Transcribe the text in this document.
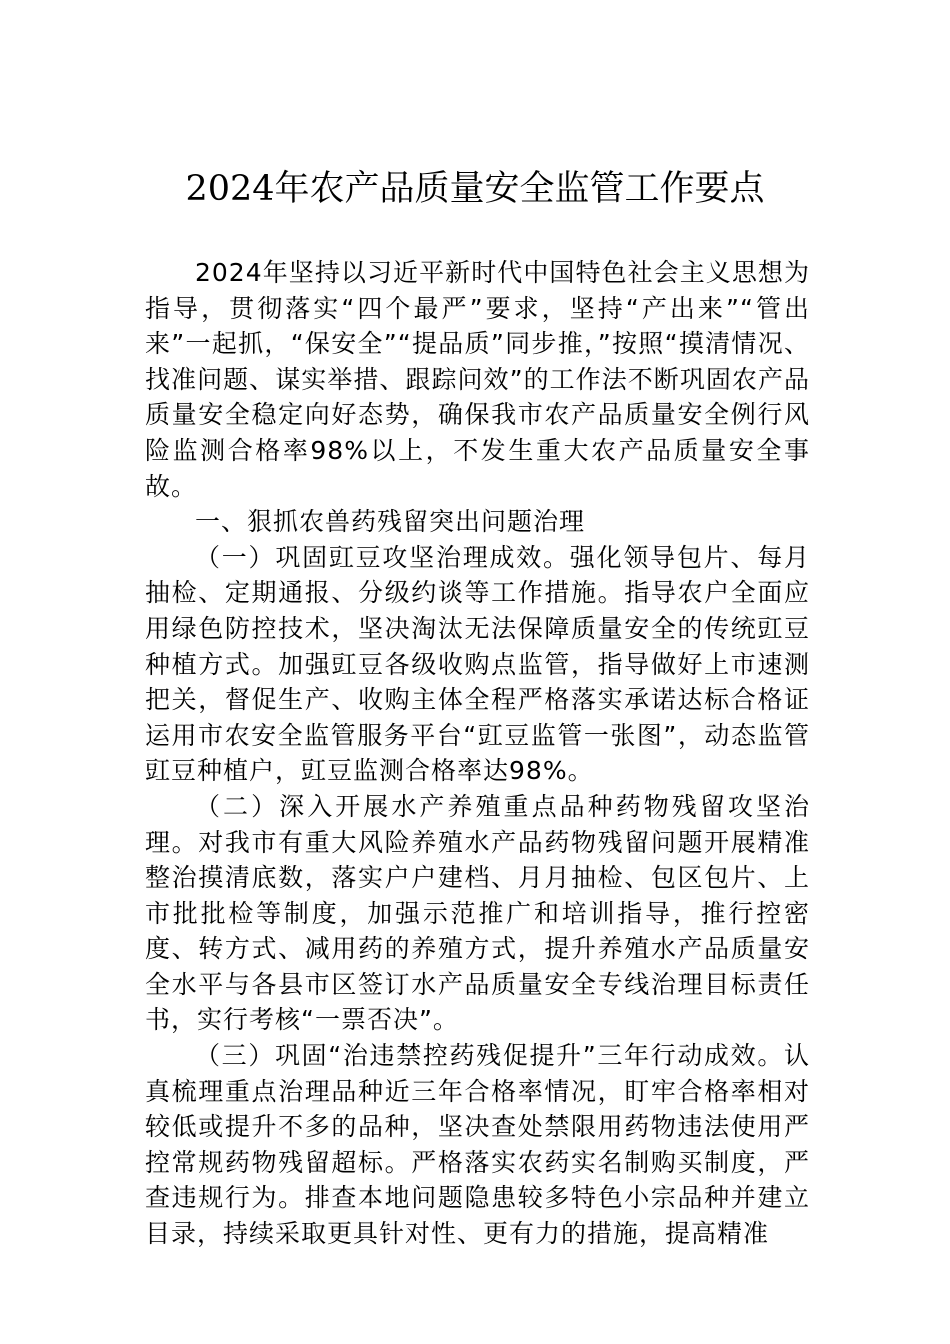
2024年农产品质量安全监管工作要点

2024年坚持以习近平新时代中国特色社会主义思想为指导，贯彻落实“四个最严”要求，坚持“产出来”“管出来”一起抓，“保安全”“提品质”同步推，”按照“摸清情况、找准问题、谋实举措、跟踪问效”的工作法不断巩固农产品质量安全稳定向好态势，确保我市农产品质量安全例行风险监测合格率98%以上，不发生重大农产品质量安全事故。

一、狠抓农兽药残留突出问题治理

（一）巩固豇豆攻坚治理成效。强化领导包片、每月抽检、定期通报、分级约谈等工作措施。指导农户全面应用绿色防控技术，坚决淘汰无法保障质量安全的传统豇豆种植方式。加强豇豆各级收购点监管，指导做好上市速测把关，督促生产、收购主体全程严格落实承诺达标合格证运用市农安全监管服务平台“豇豆监管一张图”，动态监管豇豆种植户，豇豆监测合格率达98%。

（二）深入开展水产养殖重点品种药物残留攻坚治理。对我市有重大风险养殖水产品药物残留问题开展精准整治摸清底数，落实户户建档、月月抽检、包区包片、上市批批检等制度，加强示范推广和培训指导，推行控密度、转方式、减用药的养殖方式，提升养殖水产品质量安全水平与各县市区签订水产品质量安全专线治理目标责任书，实行考核“一票否决”。

（三）巩固“治违禁控药残促提升”三年行动成效。认真梳理重点治理品种近三年合格率情况，盯牢合格率相对较低或提升不多的品种，坚决查处禁限用药物违法使用严控常规药物残留超标。严格落实农药实名制购买制度，严查违规行为。排查本地问题隐患较多特色小宗品种并建立目录，持续采取更具针对性、更有力的措施，提高精准
